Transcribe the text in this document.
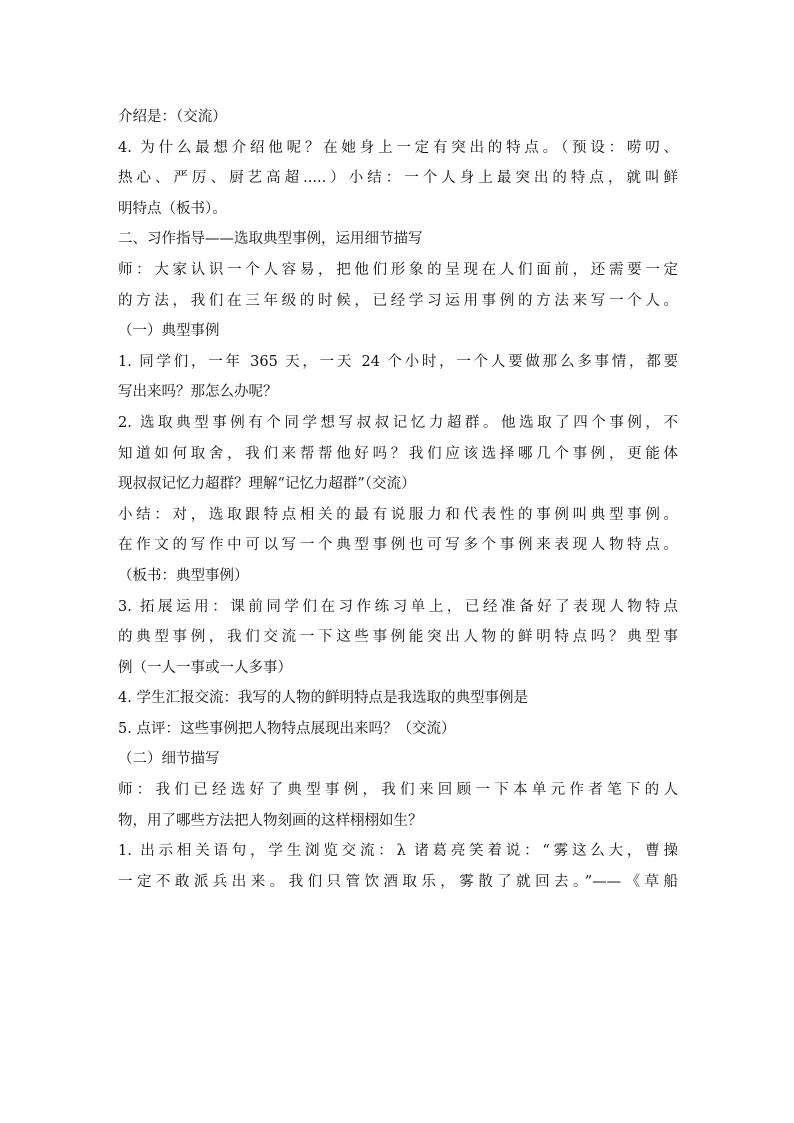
介绍是：（交流）
4. 为什么最想介绍他呢？在她身上一定有突出的特点。（预设：唠叨、
热心、严厉、厨艺高超.....）小结：一个人身上最突出的特点，就叫鲜
明特点（板书）。
二、习作指导——选取典型事例，运用细节描写
师：大家认识一个人容易，把他们形象的呈现在人们面前，还需要一定
的方法，我们在三年级的时候，已经学习运用事例的方法来写一个人。
（一）典型事例
1. 同学们，一年 365 天，一天 24 个小时，一个人要做那么多事情，都要
写出来吗？那怎么办呢？
2. 选取典型事例有个同学想写叔叔记忆力超群。他选取了四个事例，不
知道如何取舍，我们来帮帮他好吗？我们应该选择哪几个事例，更能体
现叔叔记忆力超群？理解“记忆力超群”（交流）
小结：对，选取跟特点相关的最有说服力和代表性的事例叫典型事例。
在作文的写作中可以写一个典型事例也可写多个事例来表现人物特点。
（板书：典型事例）
3. 拓展运用：课前同学们在习作练习单上，已经准备好了表现人物特点
的典型事例，我们交流一下这些事例能突出人物的鲜明特点吗？典型事
例（一人一事或一人多事）
4. 学生汇报交流：我写的人物的鲜明特点是我选取的典型事例是
5. 点评：这些事例把人物特点展现出来吗？（交流）
（二）细节描写
师：我们已经选好了典型事例，我们来回顾一下本单元作者笔下的人
物，用了哪些方法把人物刻画的这样栩栩如生？
1. 出示相关语句，学生浏览交流：λ 诸葛亮笑着说：“雾这么大，曹操
一定不敢派兵出来。我们只管饮酒取乐，雾散了就回去。”——《草船
